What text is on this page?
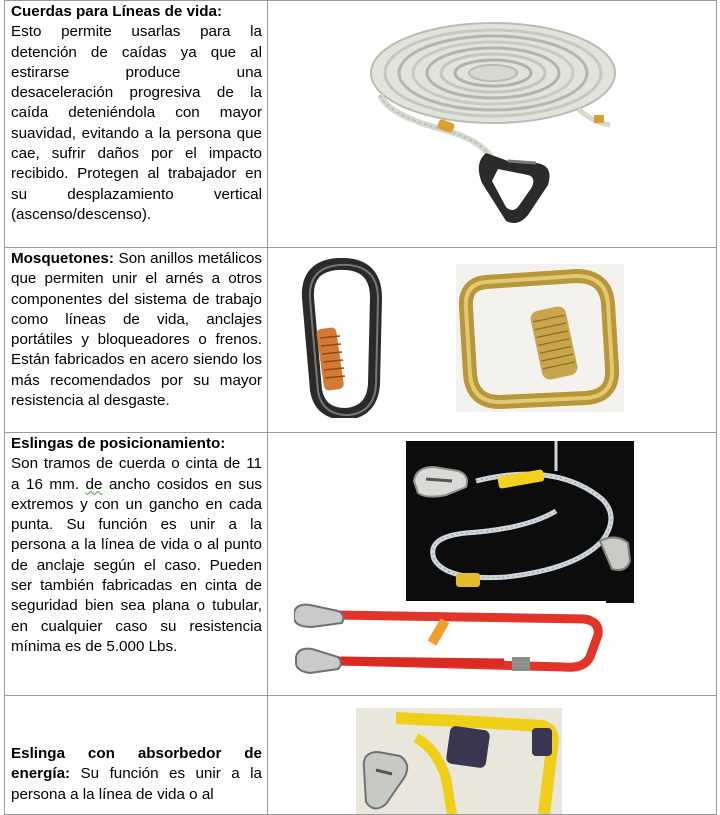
Cuerdas para Líneas de vida:
Esto permite usarlas para la detención de caídas ya que al estirarse produce una desaceleración progresiva de la caída deteniéndola con mayor suavidad, evitando a la persona que cae, sufrir daños por el impacto recibido. Protegen al trabajador en su desplazamiento vertical (ascenso/descenso).

Mosquetones: Son anillos metálicos que permiten unir el arnés a otros componentes del sistema de trabajo como líneas de vida, anclajes portátiles y bloqueadores o frenos. Están fabricados en acero siendo los más recomendados por su mayor resistencia al desgaste.

Eslingas de posicionamiento:
Son tramos de cuerda o cinta de 11 a 16 mm. de ancho cosidos en sus extremos y con un gancho en cada punta. Su función es unir a la persona a la línea de vida o al punto de anclaje según el caso. Pueden ser también fabricadas en cinta de seguridad bien sea plana o tubular, en cualquier caso su resistencia mínima es de 5.000 Lbs.

Eslinga con absorbedor de energía: Su función es unir a la persona a la línea de vida o al
